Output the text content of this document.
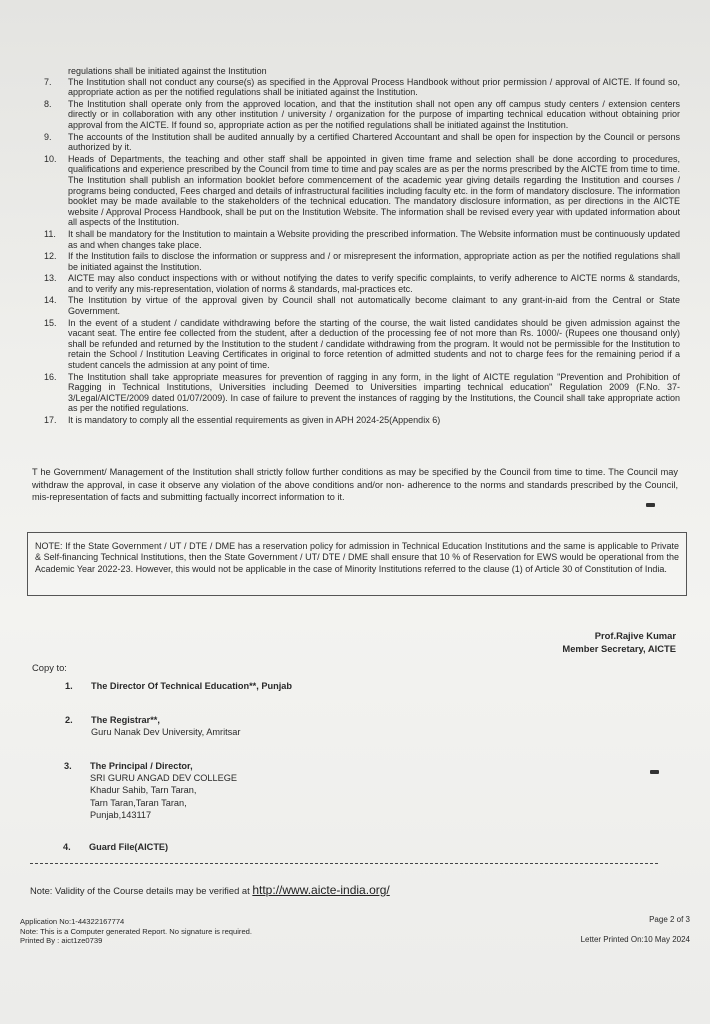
regulations shall be initiated against the Institution
7.	The Institution shall not conduct any course(s) as specified in the Approval Process Handbook without prior permission / approval of AICTE. If found so, appropriate action as per the notified regulations shall be initiated against the Institution.
8.	The Institution shall operate only from the approved location, and that the institution shall not open any off campus study centers / extension centers directly or in collaboration with any other institution / university / organization for the purpose of imparting technical education without obtaining prior approval from the AICTE. If found so, appropriate action as per the notified regulations shall be initiated against the Institution.
9.	The accounts of the Institution shall be audited annually by a certified Chartered Accountant and shall be open for inspection by the Council or persons authorized by it.
10.	Heads of Departments, the teaching and other staff shall be appointed in given time frame and selection shall be done according to procedures, qualifications and experience prescribed by the Council from time to time and pay scales are as per the norms prescribed by the AICTE from time to time. The Institution shall publish an information booklet before commencement of the academic year giving details regarding the Institution and courses / programs being conducted, Fees charged and details of infrastructural facilities including faculty etc. in the form of mandatory disclosure. The information booklet may be made available to the stakeholders of the technical education. The mandatory disclosure information, as per directions in the AICTE website / Approval Process Handbook, shall be put on the Institution Website. The information shall be revised every year with updated information about all aspects of the Institution.
11.	It shall be mandatory for the Institution to maintain a Website providing the prescribed information. The Website information must be continuously updated as and when changes take place.
12.	If the Institution fails to disclose the information or suppress and / or misrepresent the information, appropriate action as per the notified regulations shall be initiated against the Institution.
13.	AICTE may also conduct inspections with or without notifying the dates to verify specific complaints, to verify adherence to AICTE norms & standards, and to verify any mis-representation, violation of norms & standards, mal-practices etc.
14.	The Institution by virtue of the approval given by Council shall not automatically become claimant to any grant-in-aid from the Central or State Government.
15.	In the event of a student / candidate withdrawing before the starting of the course, the wait listed candidates should be given admission against the vacant seat. The entire fee collected from the student, after a deduction of the processing fee of not more than Rs. 1000/- (Rupees one thousand only) shall be refunded and returned by the Institution to the student / candidate withdrawing from the program. It would not be permissible for the Institution to retain the School / Institution Leaving Certificates in original to force retention of admitted students and not to charge fees for the remaining period if a student cancels the admission at any point of time.
16.	The Institution shall take appropriate measures for prevention of ragging in any form, in the light of AICTE regulation "Prevention and Prohibition of Ragging in Technical Institutions, Universities including Deemed to Universities imparting technical education" Regulation 2009 (F.No. 37-3/Legal/AICTE/2009 dated 01/07/2009). In case of failure to prevent the instances of ragging by the Institutions, the Council shall take appropriate action as per the notified regulations.
17.	It is mandatory to comply all the essential requirements as given in APH 2024-25(Appendix 6)
T he Government/ Management of the Institution shall strictly follow further conditions as may be specified by the Council from time to time. The Council may withdraw the approval, in case it observe any violation of the above conditions and/or non- adherence to the norms and standards prescribed by the Council, mis-representation of facts and submitting factually incorrect information to it.

NOTE: If the State Government / UT / DTE / DME has a reservation policy for admission in Technical Education Institutions and the same is applicable to Private & Self-financing Technical Institutions, then the State Government / UT/ DTE / DME shall ensure that 10 % of Reservation for EWS would be operational from the Academic Year 2022-23. However, this would not be applicable in the case of Minority Institutions referred to the clause (1) of Article 30 of Constitution of India.

Prof.Rajive Kumar
Member Secretary, AICTE
Copy to:
1. The Director Of Technical Education**, Punjab
2. The Registrar**,
Guru Nanak Dev University, Amritsar
3. The Principal / Director,
SRI GURU ANGAD DEV COLLEGE
Khadur Sahib, Tarn Taran,
Tarn Taran,Taran Taran,
Punjab,143117
4. Guard File(AICTE)
Note: Validity of the Course details may be verified at http://www.aicte-india.org/
Application No:1-44322167774
Note: This is a Computer generated Report. No signature is required.
Printed By : aict1ze0739
Page 2 of 3
Letter Printed On:10 May 2024
